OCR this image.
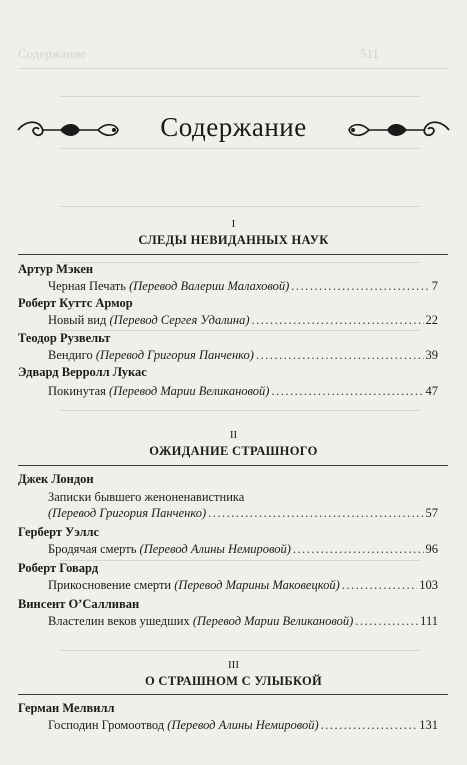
Содержание	511
Содержание
I
СЛЕДЫ НЕВИДАННЫХ НАУК
Артур Мэкен
Черная Печать (Перевод Валерии Малаховой) .....	7
Роберт Куттс Армор
Новый вид (Перевод Сергея Удалина) .....	22
Теодор Рузвельт
Вендиго (Перевод Григория Панченко) .....	39
Эдвард Верролл Лукас
Покинутая (Перевод Марии Великановой) .....	47
II
ОЖИДАНИЕ СТРАШНОГО
Джек Лондон
Записки бывшего женоненавистника
(Перевод Григория Панченко) .....	57
Герберт Уэллс
Бродячая смерть (Перевод Алины Немировой) .....	96
Роберт Говард
Прикосновение смерти (Перевод Марины Маковецкой) .....	103
Винсент О’Салливан
Властелин веков ушедших (Перевод Марии Великановой) .....	111
III
О СТРАШНОМ С УЛЫБКОЙ
Герман Мелвилл
Господин Громоотвод (Перевод Алины Немировой) .....	131
